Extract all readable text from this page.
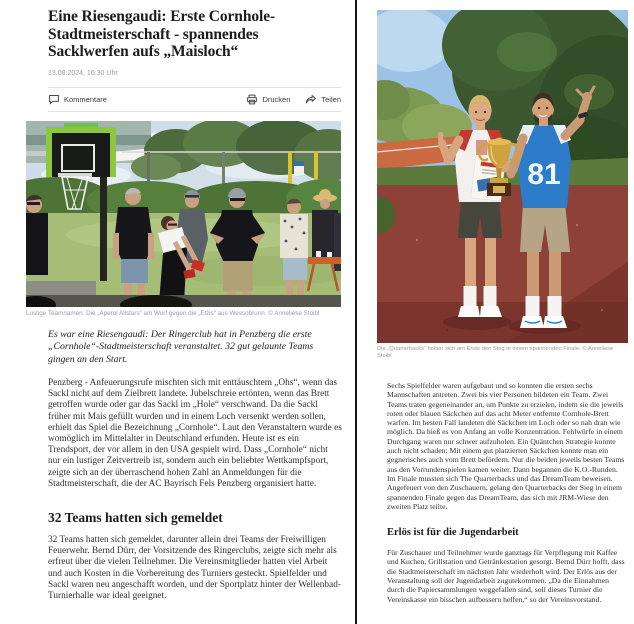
Eine Riesengaudi: Erste Cornhole-Stadtmeisterschaft - spannendes Sacklwerfen aufs „Maisloch“
13.08.2024, 16:30 Uhr
Kommentare	Drucken	Teilen
Lustige Teamnamen: Die „Aperol Allstars“ am Wurf gegen die „Elzis“ aus Wessobrunn. © Anneliese Stoibl

Es war eine Riesengaudi: Der Ringerclub hat in Penzberg die erste „Cornhole“-Stadtmeisterschaft veranstaltet. 32 gut gelaunte Teams gingen an den Start.

Penzberg - Anfeuerungsrufe mischten sich mit enttäuschtem „Ohs“, wenn das Sackl nicht auf dem Zielbrett landete. Jubelschreie ertönten, wenn das Brett getroffen wurde oder gar das Sackl im „Hole“ verschwand. Da die Sackl früher mit Mais gefüllt wurden und in einem Loch versenkt werden sollen, erhielt das Spiel die Bezeichnung „Cornhole“. Laut den Veranstaltern wurde es womöglich im Mittelalter in Deutschland erfunden. Heute ist es ein Trendsport, der vor allem in den USA gespielt wird. Dass „Cornhole“ nicht nur ein lustiger Zeitvertreib ist, sondern auch ein beliebter Wettkampfsport, zeigte sich an der überraschend hohen Zahl an Anmeldungen für die Stadtmeisterschaft, die der AC Bayrisch Fels Penzberg organisiert hatte.

32 Teams hatten sich gemeldet

32 Teams hatten sich gemeldet, darunter allein drei Teams der Freiwilligen Feuerwehr. Bernd Dürr, der Vorsitzende des Ringerclubs, zeigte sich mehr als erfreut über die vielen Teilnehmer. Die Vereinsmitglieder hatten viel Arbeit und auch Kosten in die Vorbereitung des Turniers gesteckt. Spielfelder und Sackl waren neu angeschafft worden, und der Sportplatz hinter der Wellenbad-Turnierhalle war ideal geeignet.

81
Die „Quarterbacks“ holten sich am Ende den Sieg in einem spannenden Finale. © Anneliese Stoibl

Sechs Spielfelder waren aufgebaut und so konnten die ersten sechs Mannschaften antreten. Zwei bis vier Personen bildeten ein Team. Zwei Teams traten gegeneinander an, um Punkte zu erzielen, indem sie die jeweils roten oder blauen Säckchen auf das acht Meter entfernte Cornhole-Brett warfen. Im besten Fall landeten die Säckchen im Loch oder so nah dran wie möglich. Da hieß es von Anfang an volle Konzentration. Fehlwürfe in einem Durchgang waren nur schwer aufzuholen. Ein Quäntchen Strategie konnte auch nicht schaden: Mit einem gut platzierten Säckchen konnte man ein gegnerisches auch vom Brett befördern. Nur die beiden jeweils besten Teams aus den Vorrundenspielen kamen weiter. Dann begannen die K.O.-Runden. Im Finale mussten sich The Quarterbacks und das DreamTeam beweisen. Angefeuert von den Zuschauern, gelang den Quarterbacks der Sieg in einem spannenden Finale gegen das DreamTeam, das sich mit JRM-Wiese den zweiten Platz teilte.

Erlös ist für die Jugendarbeit

Für Zuschauer und Teilnehmer wurde ganztags für Verpflegung mit Kaffee und Kuchen, Grillstation und Getränkestation gesorgt. Bernd Dürr hofft, dass die Stadtmeisterschaft im nächsten Jahr wiederholt wird. Der Erlös aus der Veranstaltung soll der Jugendarbeit zugutekommen. „Da die Einnahmen durch die Papiersammlungen weggefallen sind, soll dieses Turnier die Vereinskasse ein bisschen aufbessern helfen,“ so der Vereinsvorstand.
